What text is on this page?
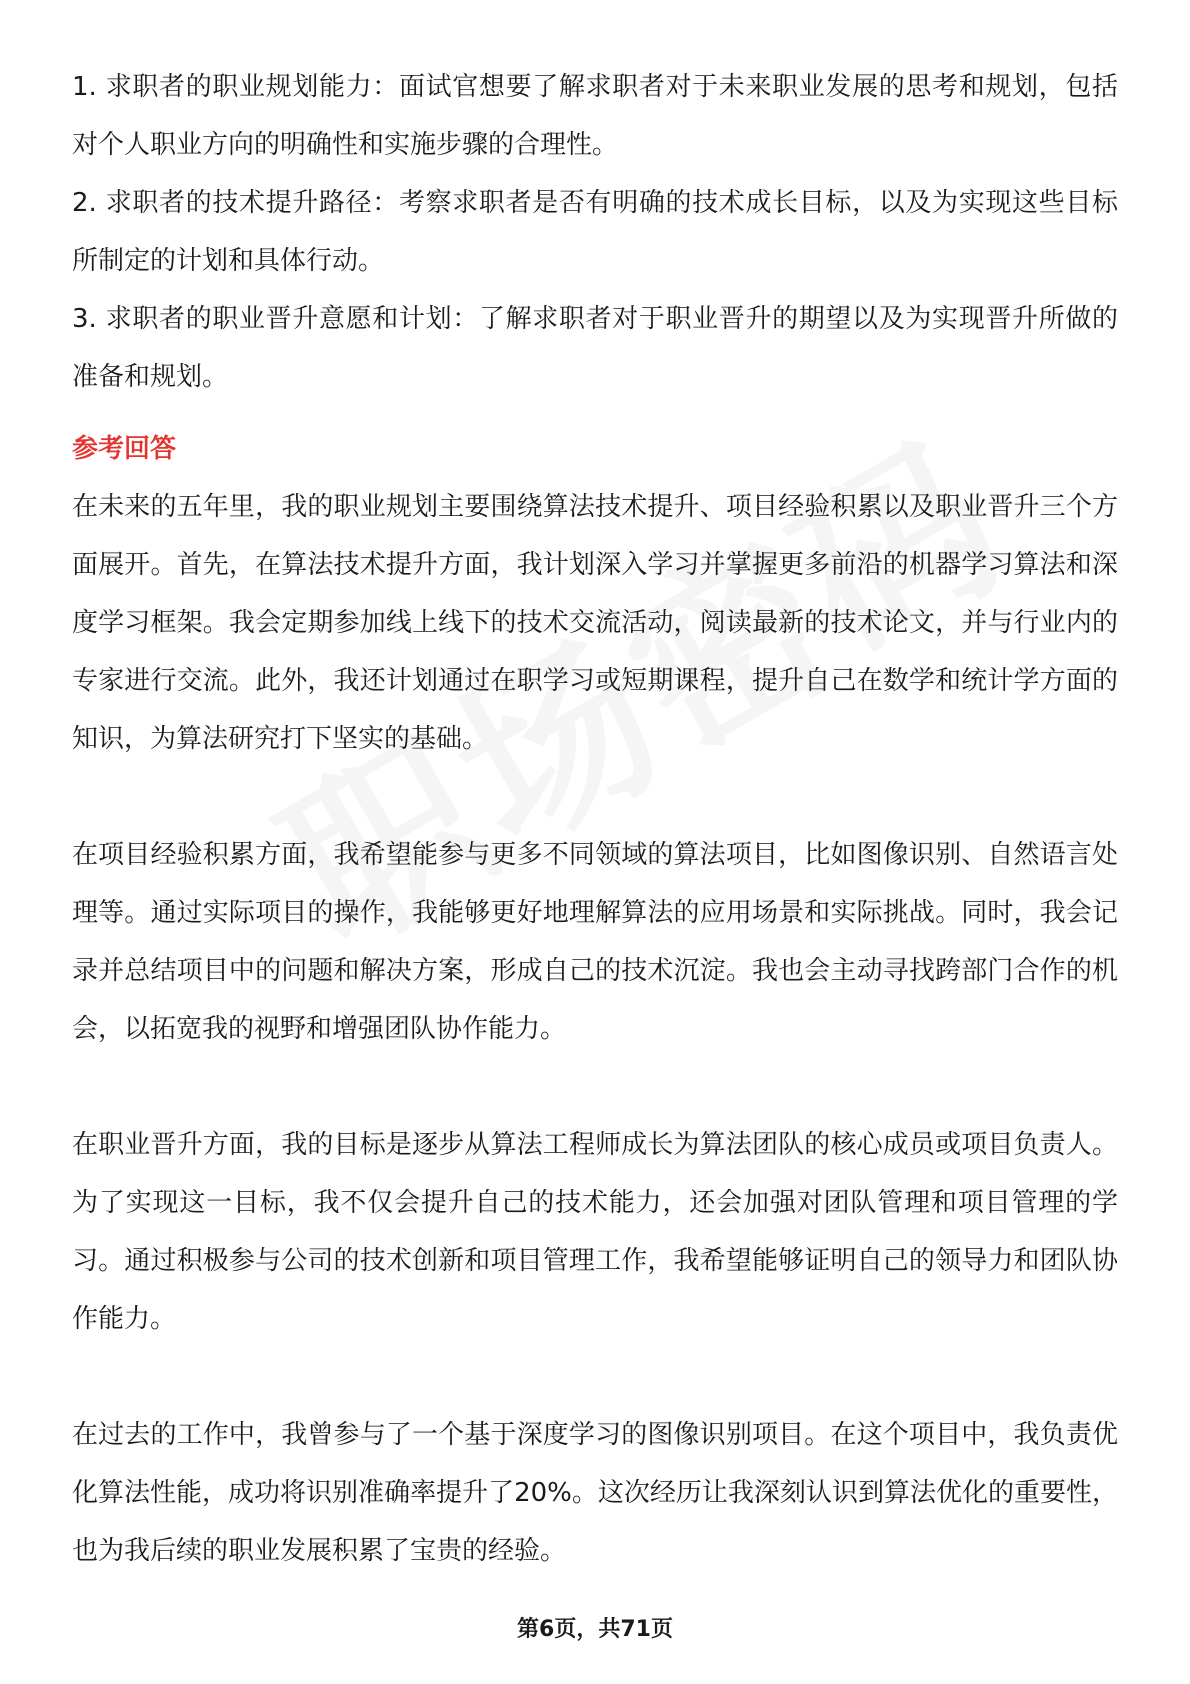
1. 求职者的职业规划能力：面试官想要了解求职者对于未来职业发展的思考和规划，包括对个人职业方向的明确性和实施步骤的合理性。

2. 求职者的技术提升路径：考察求职者是否有明确的技术成长目标，以及为实现这些目标所制定的计划和具体行动。

3. 求职者的职业晋升意愿和计划：了解求职者对于职业晋升的期望以及为实现晋升所做的准备和规划。

参考回答

在未来的五年里，我的职业规划主要围绕算法技术提升、项目经验积累以及职业晋升三个方面展开。首先，在算法技术提升方面，我计划深入学习并掌握更多前沿的机器学习算法和深度学习框架。我会定期参加线上线下的技术交流活动，阅读最新的技术论文，并与行业内的专家进行交流。此外，我还计划通过在职学习或短期课程，提升自己在数学和统计学方面的知识，为算法研究打下坚实的基础。

在项目经验积累方面，我希望能参与更多不同领域的算法项目，比如图像识别、自然语言处理等。通过实际项目的操作，我能够更好地理解算法的应用场景和实际挑战。同时，我会记录并总结项目中的问题和解决方案，形成自己的技术沉淀。我也会主动寻找跨部门合作的机会，以拓宽我的视野和增强团队协作能力。

在职业晋升方面，我的目标是逐步从算法工程师成长为算法团队的核心成员或项目负责人。为了实现这一目标，我不仅会提升自己的技术能力，还会加强对团队管理和项目管理的学习。通过积极参与公司的技术创新和项目管理工作，我希望能够证明自己的领导力和团队协作能力。

在过去的工作中，我曾参与了一个基于深度学习的图像识别项目。在这个项目中，我负责优化算法性能，成功将识别准确率提升了20%。这次经历让我深刻认识到算法优化的重要性，也为我后续的职业发展积累了宝贵的经验。

第6页，共71页
